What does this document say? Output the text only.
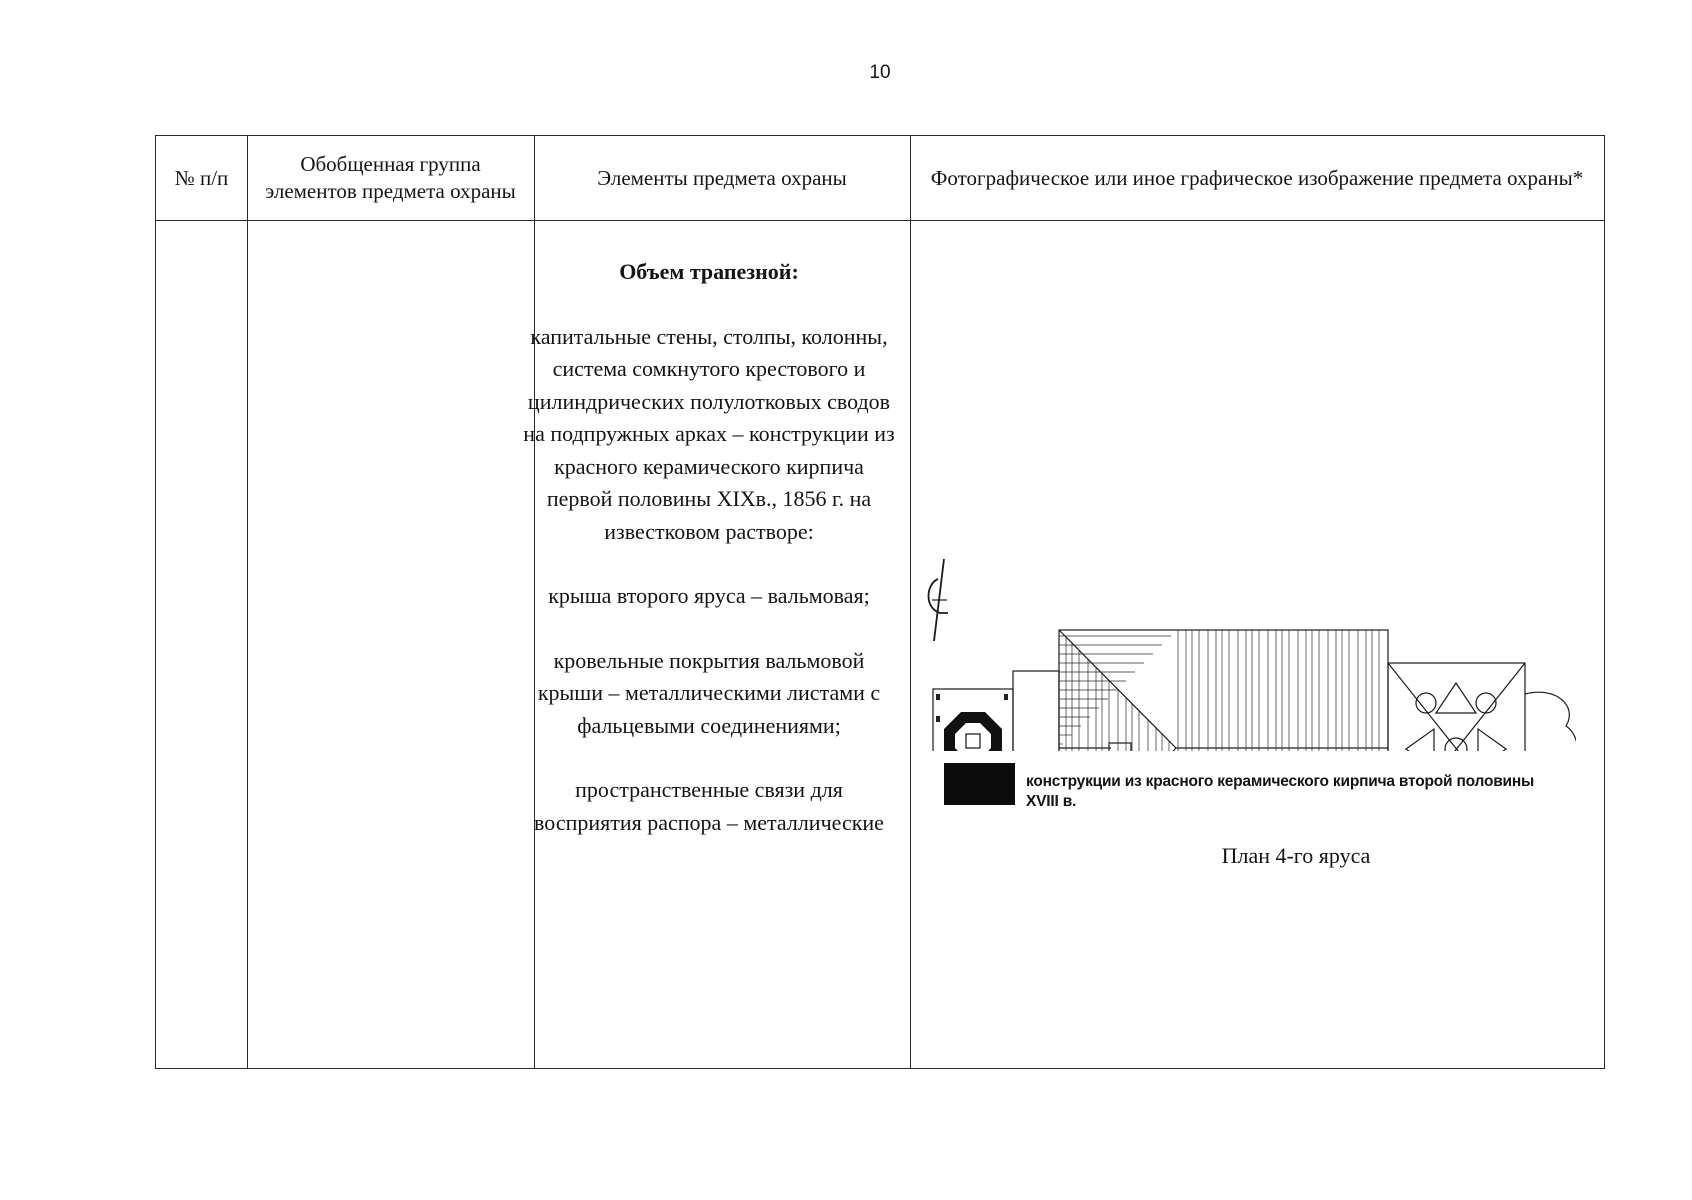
10
№ п/п
Обобщенная группа элементов предмета охраны
Элементы предмета охраны	Фотографическое или иное графическое изображение предмета охраны*

Объем трапезной:

капитальные стены, столпы, колонны, система сомкнутого крестового и цилиндрических полулотковых сводов на подпружных арках – конструкции из красного керамического кирпича первой половины XIXв., 1856 г. на известковом растворе:

крыша второго яруса – вальмовая;

кровельные покрытия вальмовой крыши – металлическими листами с фальцевыми соединениями;

пространственные связи для восприятия распора – металлические

конструкции из красного керамического кирпича второй половины XVIII в.
План 4-го яруса
